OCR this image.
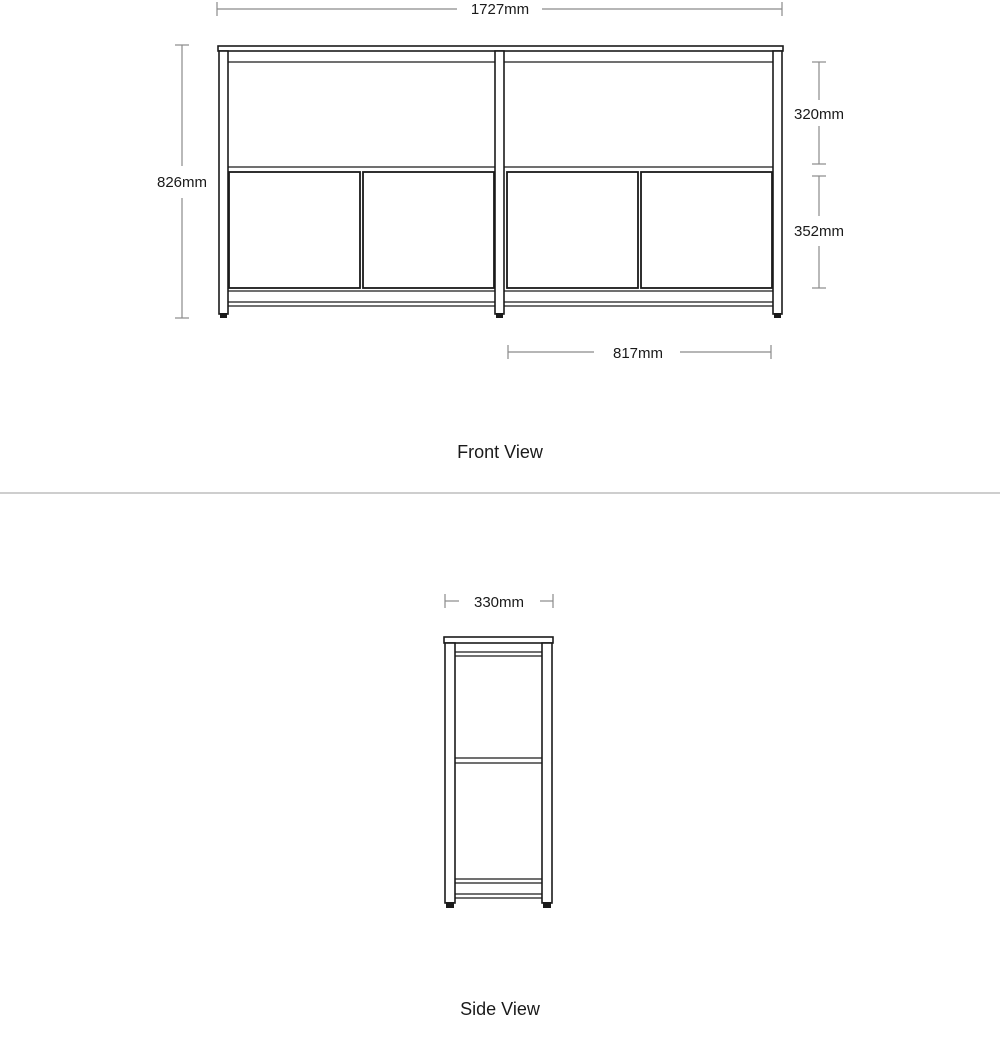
1727mm
826mm
320mm
352mm
817mm
Front View
330mm
Side View
